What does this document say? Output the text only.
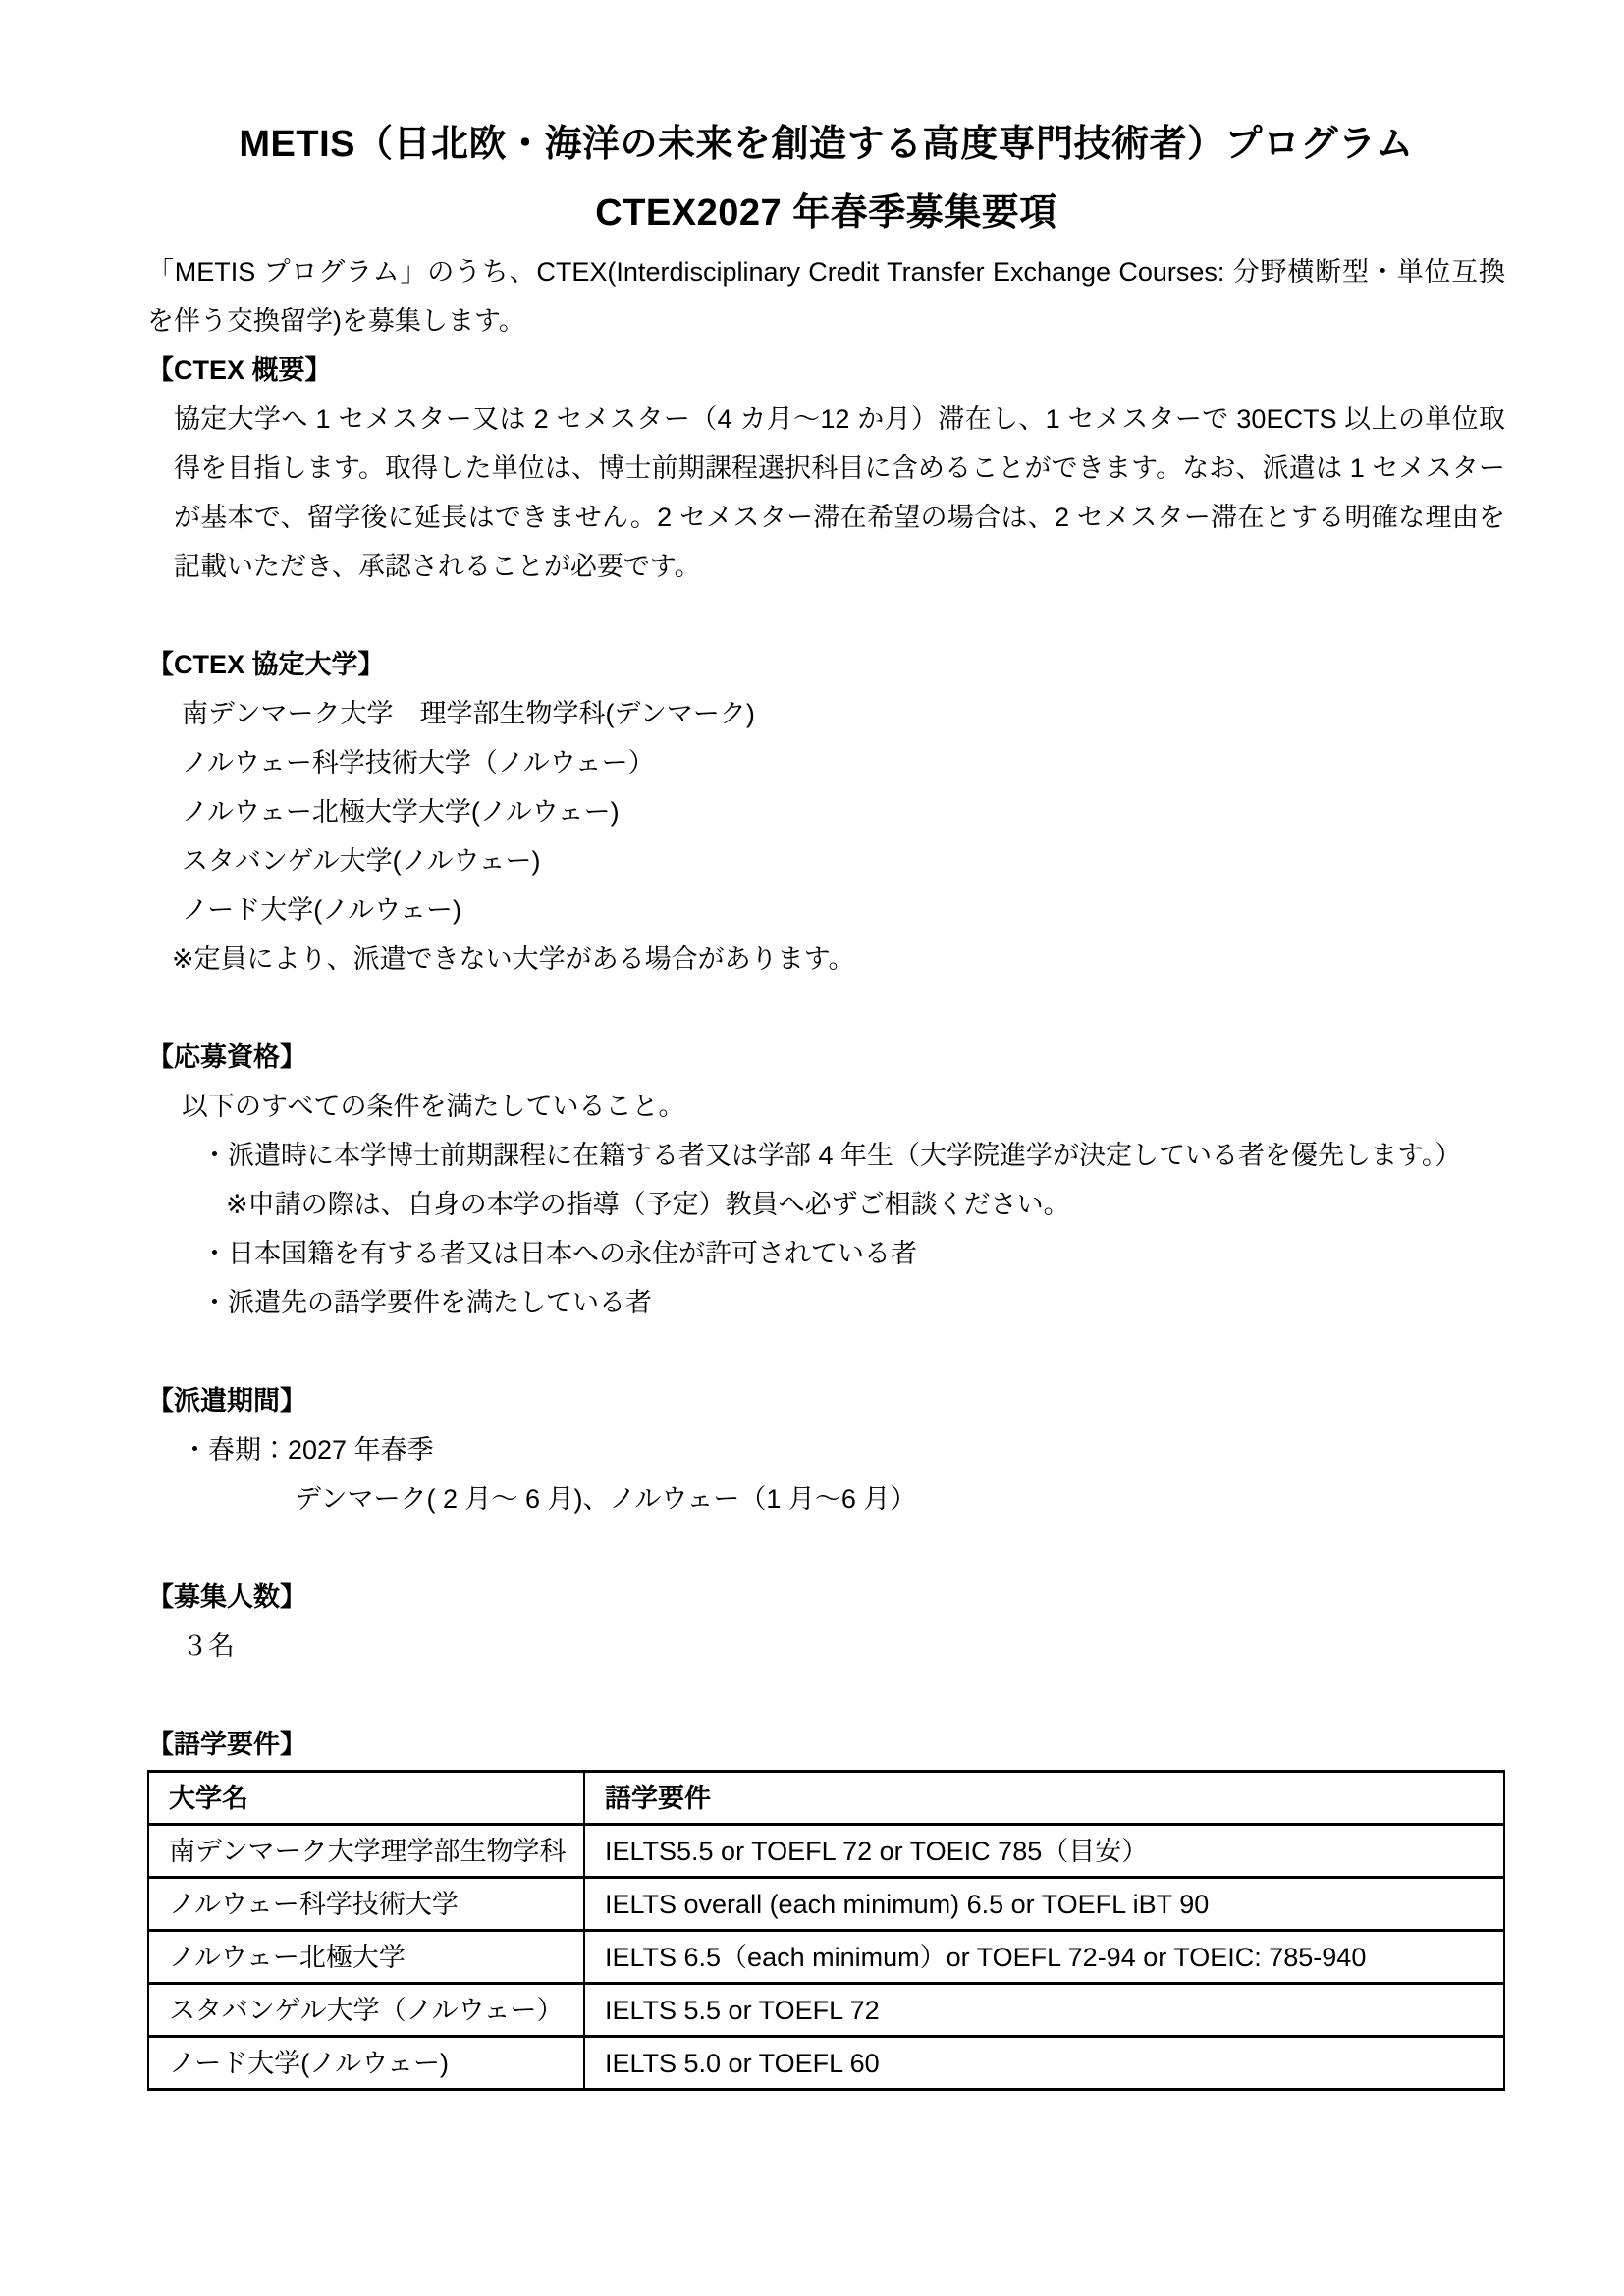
METIS（日北欧・海洋の未来を創造する高度専門技術者）プログラム
CTEX2027 年春季募集要項

「METIS プログラム」のうち、CTEX(Interdisciplinary Credit Transfer Exchange Courses: 分野横断型・単位互換を伴う交換留学)を募集します。

【CTEX 概要】

協定大学へ 1 セメスター又は 2 セメスター（4 カ月～12 か月）滞在し、1 セメスターで 30ECTS 以上の単位取得を目指します。取得した単位は、博士前期課程選択科目に含めることができます。なお、派遣は 1 セメスターが基本で、留学後に延長はできません。2 セメスター滞在希望の場合は、2 セメスター滞在とする明確な理由を記載いただき、承認されることが必要です。

【CTEX 協定大学】
南デンマーク大学　理学部生物学科(デンマーク)
ノルウェー科学技術大学（ノルウェー）
ノルウェー北極大学大学(ノルウェー)
スタバンゲル大学(ノルウェー)
ノード大学(ノルウェー)
※定員により、派遣できない大学がある場合があります。
【応募資格】
以下のすべての条件を満たしていること。
・派遣時に本学博士前期課程に在籍する者又は学部 4 年生（大学院進学が決定している者を優先します。）
※申請の際は、自身の本学の指導（予定）教員へ必ずご相談ください。
・日本国籍を有する者又は日本への永住が許可されている者
・派遣先の語学要件を満たしている者
【派遣期間】
・春期：2027 年春季
デンマーク( 2 月～ 6 月)、ノルウェー（1 月～6 月）
【募集人数】
３名
【語学要件】
大学名	語学要件
南デンマーク大学理学部生物学科	IELTS5.5 or TOEFL 72 or TOEIC 785（目安）
ノルウェー科学技術大学	IELTS overall (each minimum) 6.5 or TOEFL iBT 90
ノルウェー北極大学	IELTS 6.5（each minimum）or TOEFL 72-94 or TOEIC: 785-940
スタバンゲル大学（ノルウェー）	IELTS 5.5 or TOEFL 72
ノード大学(ノルウェー)	IELTS 5.0 or TOEFL 60
